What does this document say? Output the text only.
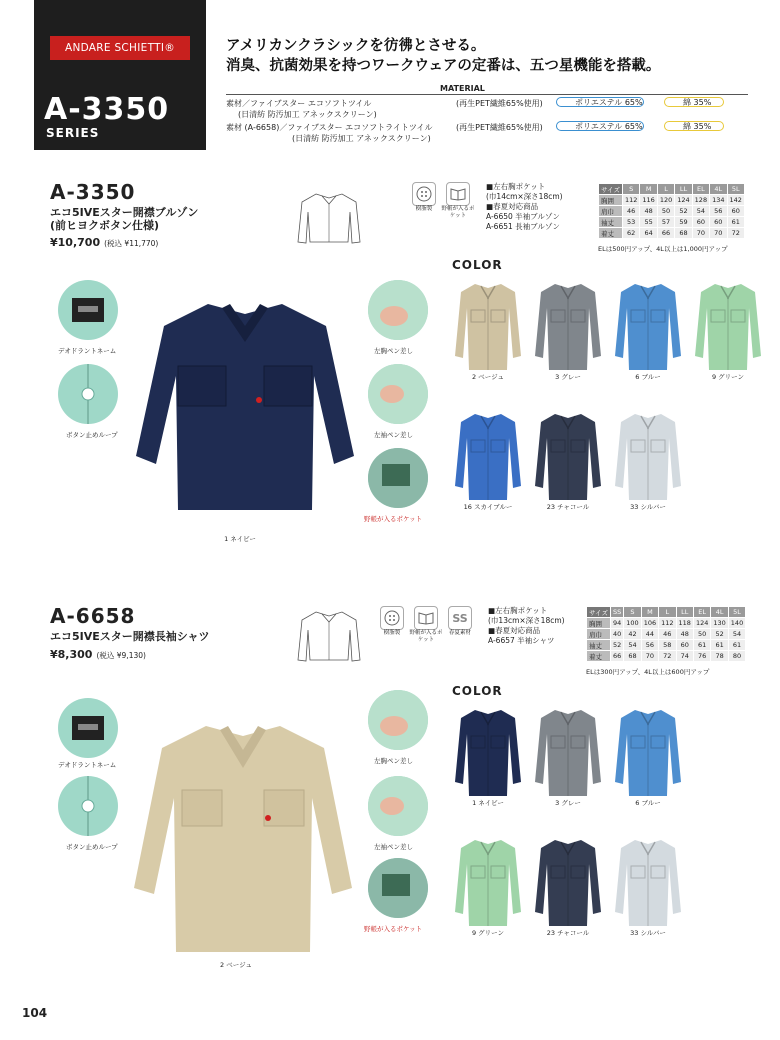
ANDARE SCHIETTI®
A-3350
SERIES
アメリカンクラシックを彷彿とさせる。
消臭、抗菌効果を持つワークウェアの定番は、五つ星機能を搭載。
MATERIAL
素材／ファイブスター エコソフトツイル
(日清紡 防汚加工 アネックスクリーン)
(再生PET繊維65%使用)	ポリエステル 65%	綿 35%
素材 (A-6658)／ファイブスター エコソフトライトツイル
(日清紡 防汚加工 アネックスクリーン)
(再生PET繊維65%使用)	ポリエステル 65%	綿 35%
A-3350
エコ5IVEスター開襟ブルゾン
(前ヒヨクボタン仕様)
¥10,700 (税込 ¥11,770)
樹脂製	野帳が入るポケット
■左右胸ポケット
(巾14cm×深さ18cm)
■春夏対応商品
A-6650 半袖ブルゾン
A-6651 長袖ブルゾン
サイズ	S	M	L	LL	EL	4L	5L
胸囲	112	116	120	124	128	134	142
肩巾	46	48	50	52	54	56	60
袖丈	53	55	57	59	60	60	61
着丈	62	64	66	68	70	70	72
ELは500円アップ、4L以上は1,000円アップ
COLOR
デオドラントネーム
ボタン止めループ
左胸ペン差し
左袖ペン差し
野帳が入るポケット
1 ネイビー
2 ベージュ	3 グレー	6 ブルー	9 グリーン
16 スカイブルー	23 チャコール	33 シルバー
A-6658
エコ5IVEスター開襟長袖シャツ
¥8,300 (税込 ¥9,130)
樹脂製	野帳が入るポケット
SS
春夏素材
■左右胸ポケット
(巾13cm×深さ18cm)
■春夏対応商品
A-6657 半袖シャツ
サイズ	SS	S	M	L	LL	EL	4L	5L
胸囲	94	100	106	112	118	124	130	140
肩巾	40	42	44	46	48	50	52	54
袖丈	52	54	56	58	60	61	61	61
着丈	66	68	70	72	74	76	78	80
ELは300円アップ、4L以上は600円アップ
COLOR
デオドラントネーム
ボタン止めループ
左胸ペン差し
左袖ペン差し
野帳が入るポケット
2 ベージュ
1 ネイビー	3 グレー	6 ブルー
9 グリーン	23 チャコール	33 シルバー
104
